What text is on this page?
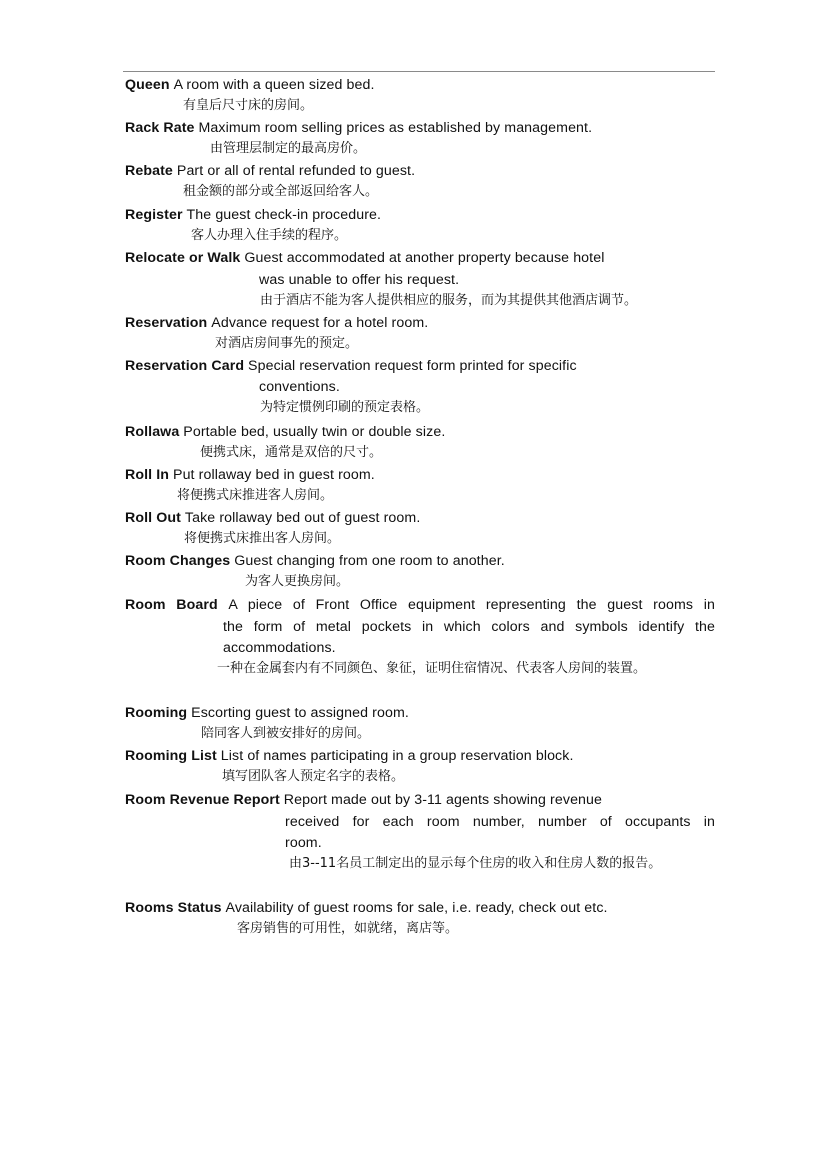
Queen A room with a queen sized bed.
有皇后尺寸床的房间。
Rack Rate Maximum room selling prices as established by management.
由管理层制定的最高房价。
Rebate Part or all of rental refunded to guest.
租金额的部分或全部返回给客人。
Register The guest check-in procedure.
客人办理入住手续的程序。
Relocate or Walk Guest accommodated at another property because hotel
was unable to offer his request.
由于酒店不能为客人提供相应的服务，而为其提供其他酒店调节。
Reservation Advance request for a hotel room.
对酒店房间事先的预定。
Reservation Card Special reservation request form printed for specific
conventions.
为特定惯例印刷的预定表格。
Rollawa Portable bed, usually twin or double size.
便携式床，通常是双倍的尺寸。
Roll In Put rollaway bed in guest room.
将便携式床推进客人房间。
Roll Out Take rollaway bed out of guest room.
将便携式床推出客人房间。
Room Changes Guest changing from one room to another.
为客人更换房间。
Room Board A piece of Front Office equipment representing the guest rooms in
the form of metal pockets in which colors and symbols identify the
accommodations.
一种在金属套内有不同颜色、象征，证明住宿情况、代表客人房间的装置。
Rooming Escorting guest to assigned room.
陪同客人到被安排好的房间。
Rooming List List of names participating in a group reservation block.
填写团队客人预定名字的表格。
Room Revenue Report Report made out by 3-11 agents showing revenue
received for each room number, number of occupants in
room.
由3--11名员工制定出的显示每个住房的收入和住房人数的报告。
Rooms Status Availability of guest rooms for sale, i.e. ready, check out etc.
客房销售的可用性，如就绪，离店等。
